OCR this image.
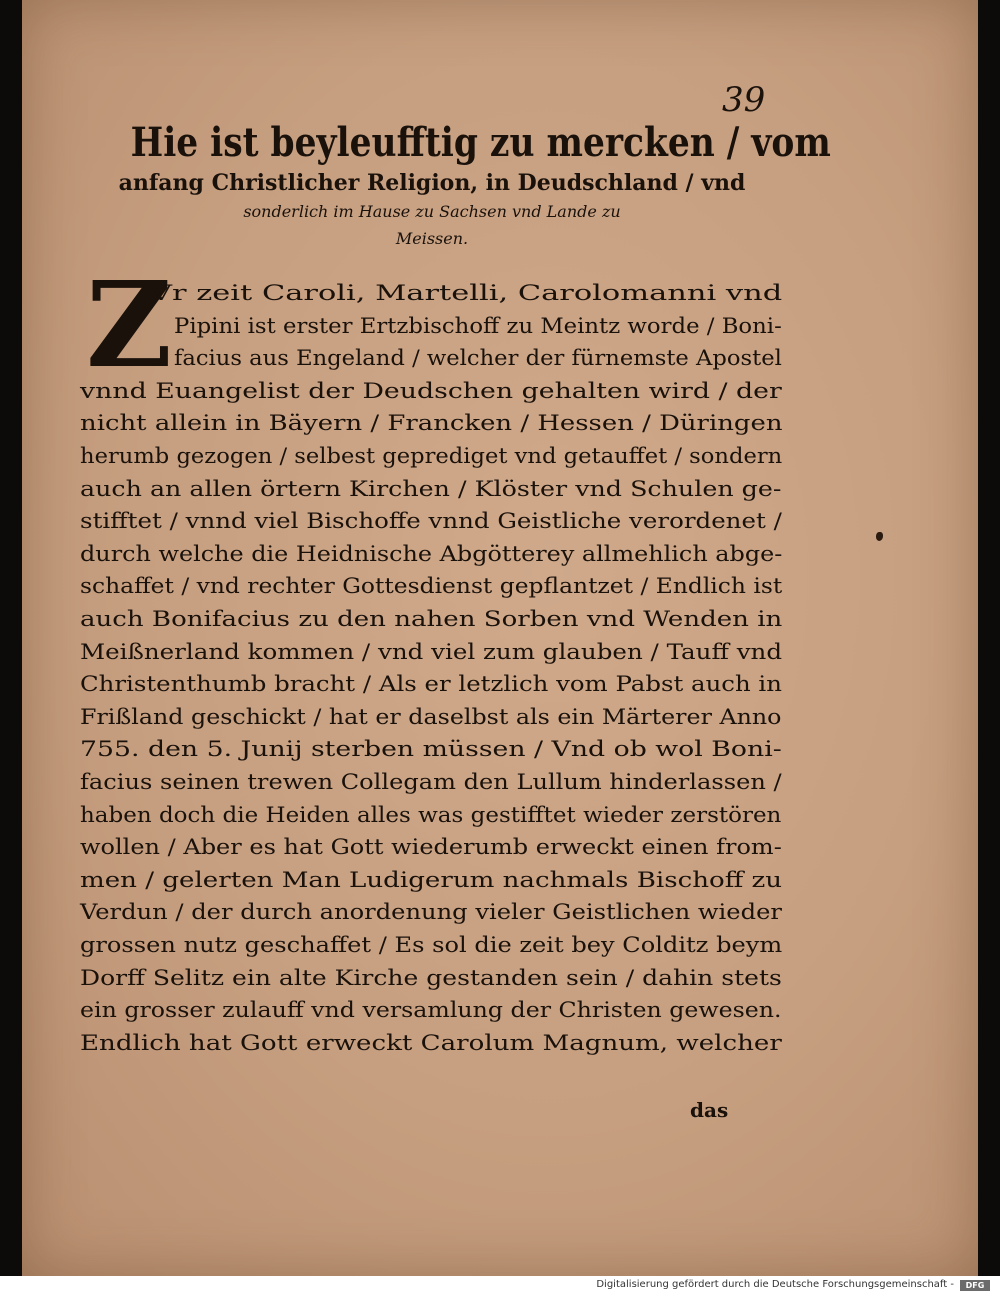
39
Hie ist beyleufftig zu mercken / vom
anfang Christlicher Religion, in Deudschland / vnd
sonderlich im Hause zu Sachsen vnd Lande zu
Meissen.
Z
Vr zeit Caroli, Martelli, Carolomanni vnd
Pipini ist erster Ertzbischoff zu Meintz worde / Boni-
facius aus Engeland / welcher der fürnemste Apostel
vnnd Euangelist der Deudschen gehalten wird / der
nicht allein in Bäyern / Francken / Hessen / Düringen
herumb gezogen / selbest geprediget vnd getauffet / sondern
auch an allen örtern Kirchen / Klöster vnd Schulen ge-
stifftet / vnnd viel Bischoffe vnnd Geistliche verordenet /
durch welche die Heidnische Abgötterey allmehlich abge-
schaffet / vnd rechter Gottesdienst gepflantzet / Endlich ist
auch Bonifacius zu den nahen Sorben vnd Wenden in
Meißnerland kommen / vnd viel zum glauben / Tauff vnd
Christenthumb bracht / Als er letzlich vom Pabst auch in
Frißland geschickt / hat er daselbst als ein Märterer Anno
755. den 5. Junij sterben müssen / Vnd ob wol Boni-
facius seinen trewen Collegam den Lullum hinderlassen /
haben doch die Heiden alles was gestifftet wieder zerstören
wollen / Aber es hat Gott wiederumb erweckt einen from-
men / gelerten Man Ludigerum nachmals Bischoff zu
Verdun / der durch anordenung vieler Geistlichen wieder
grossen nutz geschaffet / Es sol die zeit bey Colditz beym
Dorff Selitz ein alte Kirche gestanden sein / dahin stets
ein grosser zulauff vnd versamlung der Christen gewesen.
Endlich hat Gott erweckt Carolum Magnum, welcher
das
Digitalisierung gefördert durch die Deutsche Forschungsgemeinschaft -	DFG
